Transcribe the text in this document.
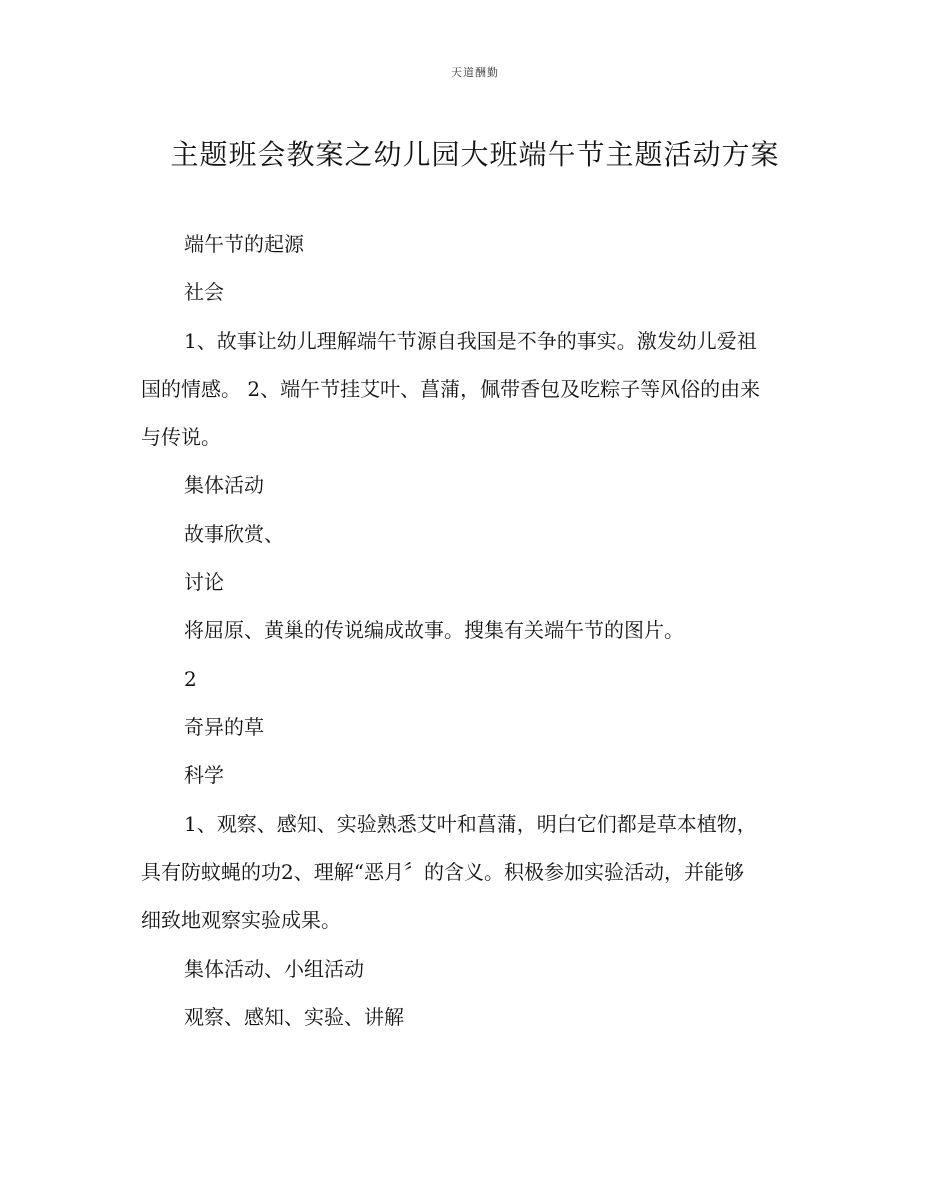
天道酬勤
主题班会教案之幼儿园大班端午节主题活动方案
端午节的起源
社会
1、故事让幼儿理解端午节源自我国是不争的事实。激发幼儿爱祖
国的情感。 2、端午节挂艾叶、菖蒲，佩带香包及吃粽子等风俗的由来
与传说。
集体活动
故事欣赏、
讨论
将屈原、黄巢的传说编成故事。搜集有关端午节的图片。
2
奇异的草
科学
1、观察、感知、实验熟悉艾叶和菖蒲，明白它们都是草本植物，
具有防蚊蝇的功2、理解“恶月〞的含义。积极参加实验活动，并能够
细致地观察实验成果。
集体活动、小组活动
观察、感知、实验、讲解
